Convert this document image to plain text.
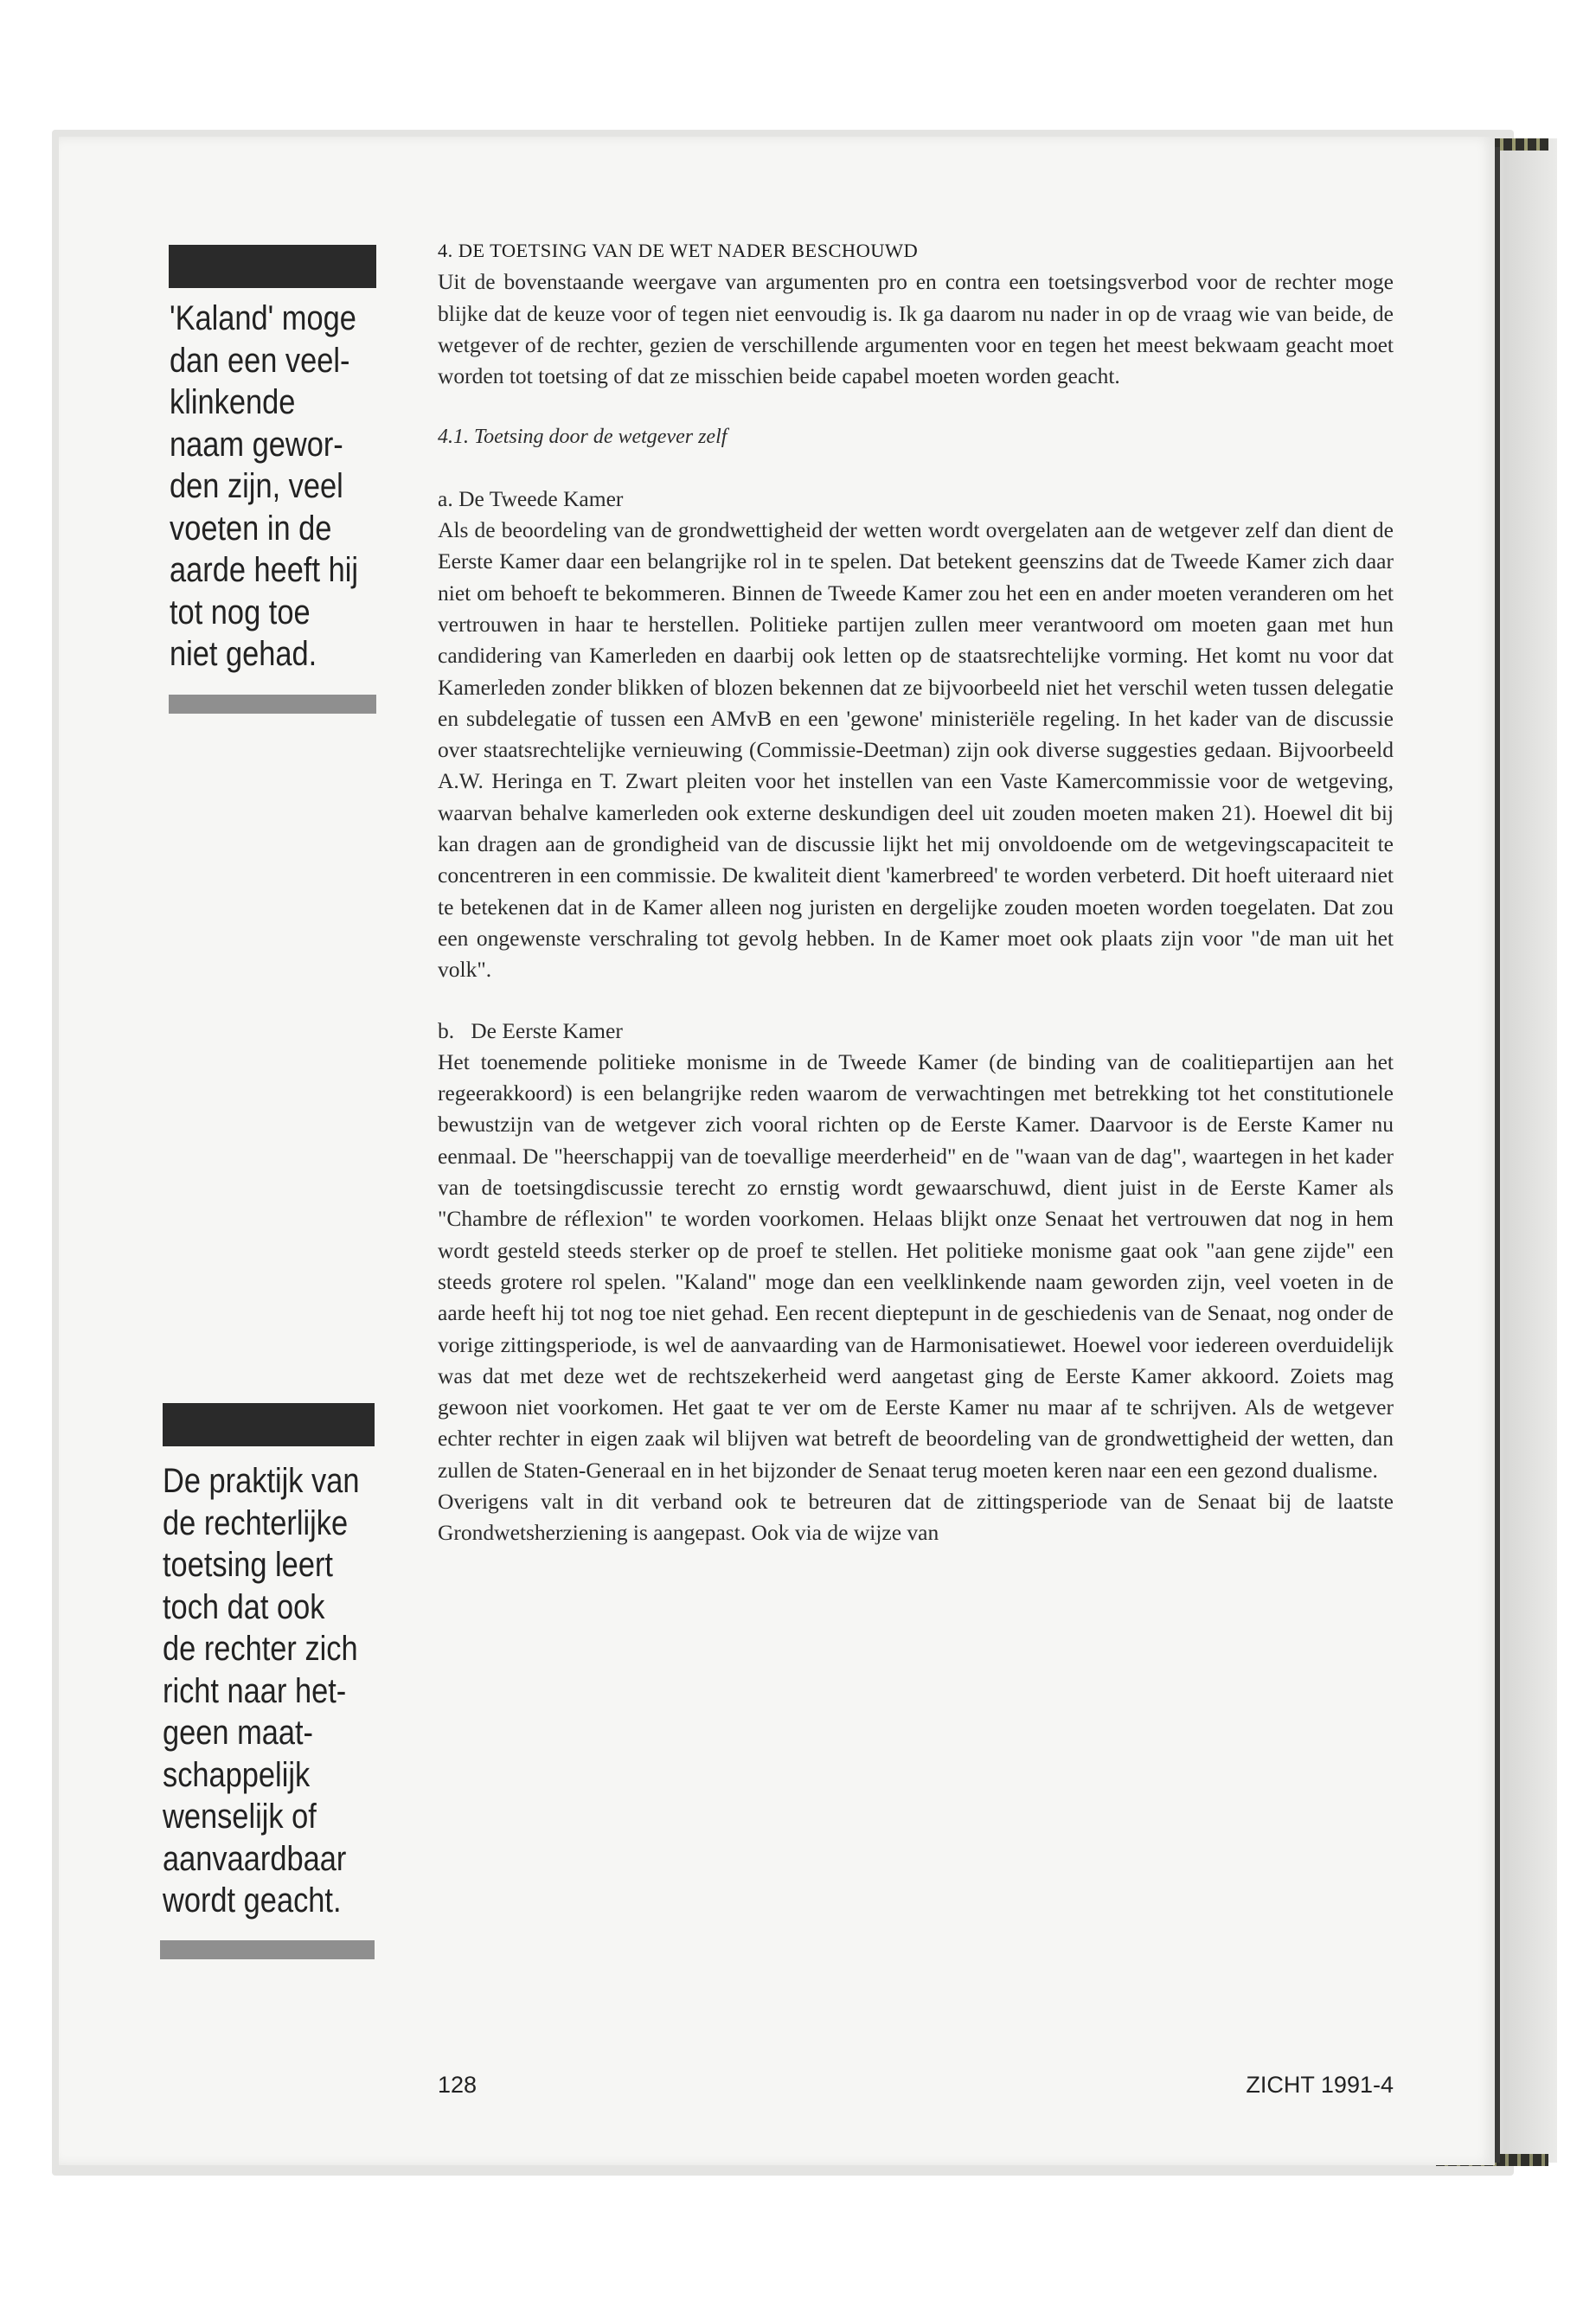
'Kaland' moge
dan een veel-
klinkende
naam gewor-
den zijn, veel
voeten in de
aarde heeft hij
tot nog toe
niet gehad.
De praktijk van
de rechterlijke
toetsing leert
toch dat ook
de rechter zich
richt naar het-
geen maat-
schappelijk
wenselijk of
aanvaardbaar
wordt geacht.

4. DE TOETSING VAN DE WET NADER BESCHOUWD

Uit de bovenstaande weergave van argumenten pro en contra een toetsingsverbod voor de rechter moge blijke dat de keuze voor of tegen niet eenvoudig is. Ik ga daarom nu nader in op de vraag wie van beide, de wetgever of de rechter, gezien de verschillende argumenten voor en tegen het meest bekwaam geacht moet worden tot toetsing of dat ze misschien beide capabel moeten worden geacht.

4.1. Toetsing door de wetgever zelf

a. De Tweede Kamer

Als de beoordeling van de grondwettigheid der wetten wordt overgelaten aan de wetgever zelf dan dient de Eerste Kamer daar een belangrijke rol in te spelen. Dat betekent geenszins dat de Tweede Kamer zich daar niet om behoeft te bekommeren. Binnen de Tweede Kamer zou het een en ander moeten veranderen om het vertrouwen in haar te herstellen. Politieke partijen zullen meer verantwoord om moeten gaan met hun candidering van Kamerleden en daarbij ook letten op de staatsrechtelijke vorming. Het komt nu voor dat Kamerleden zonder blikken of blozen bekennen dat ze bijvoorbeeld niet het verschil weten tussen delegatie en subdelegatie of tussen een AMvB en een 'gewone' ministeriële regeling. In het kader van de discussie over staatsrechtelijke vernieuwing (Commissie-Deetman) zijn ook diverse suggesties gedaan. Bijvoorbeeld A.W. Heringa en T. Zwart pleiten voor het instellen van een Vaste Kamercommissie voor de wetgeving, waarvan behalve kamerleden ook externe deskundigen deel uit zouden moeten maken 21). Hoewel dit bij kan dragen aan de grondigheid van de discussie lijkt het mij onvoldoende om de wetgevingscapaciteit te concentreren in een commissie. De kwaliteit dient 'kamerbreed' te worden verbeterd. Dit hoeft uiteraard niet te betekenen dat in de Kamer alleen nog juristen en dergelijke zouden moeten worden toegelaten. Dat zou een ongewenste verschraling tot gevolg hebben. In de Kamer moet ook plaats zijn voor "de man uit het volk".

b.   De Eerste Kamer

Het toenemende politieke monisme in de Tweede Kamer (de binding van de coalitiepartijen aan het regeerakkoord) is een belangrijke reden waarom de verwachtingen met betrekking tot het constitutionele bewustzijn van de wetgever zich vooral richten op de Eerste Kamer. Daarvoor is de Eerste Kamer nu eenmaal. De "heerschappij van de toevallige meerderheid" en de "waan van de dag", waartegen in het kader van de toetsingdiscussie terecht zo ernstig wordt gewaarschuwd, dient juist in de Eerste Kamer als "Chambre de réflexion" te worden voorkomen. Helaas blijkt onze Senaat het vertrouwen dat nog in hem wordt gesteld steeds sterker op de proef te stellen. Het politieke monisme gaat ook "aan gene zijde" een steeds grotere rol spelen. "Kaland" moge dan een veelklinkende naam geworden zijn, veel voeten in de aarde heeft hij tot nog toe niet gehad. Een recent dieptepunt in de geschiedenis van de Senaat, nog onder de vorige zittingsperiode, is wel de aanvaarding van de Harmonisatiewet. Hoewel voor iedereen overduidelijk was dat met deze wet de rechtszekerheid werd aangetast ging de Eerste Kamer akkoord. Zoiets mag gewoon niet voorkomen. Het gaat te ver om de Eerste Kamer nu maar af te schrijven. Als de wetgever echter rechter in eigen zaak wil blijven wat betreft de beoordeling van de grondwettigheid der wetten, dan zullen de Staten-Generaal en in het bijzonder de Senaat terug moeten keren naar een een gezond dualisme.

Overigens valt in dit verband ook te betreuren dat de zittingsperiode van de Senaat bij de laatste Grondwetsherziening is aangepast. Ook via de wijze van

128	ZICHT 1991-4
